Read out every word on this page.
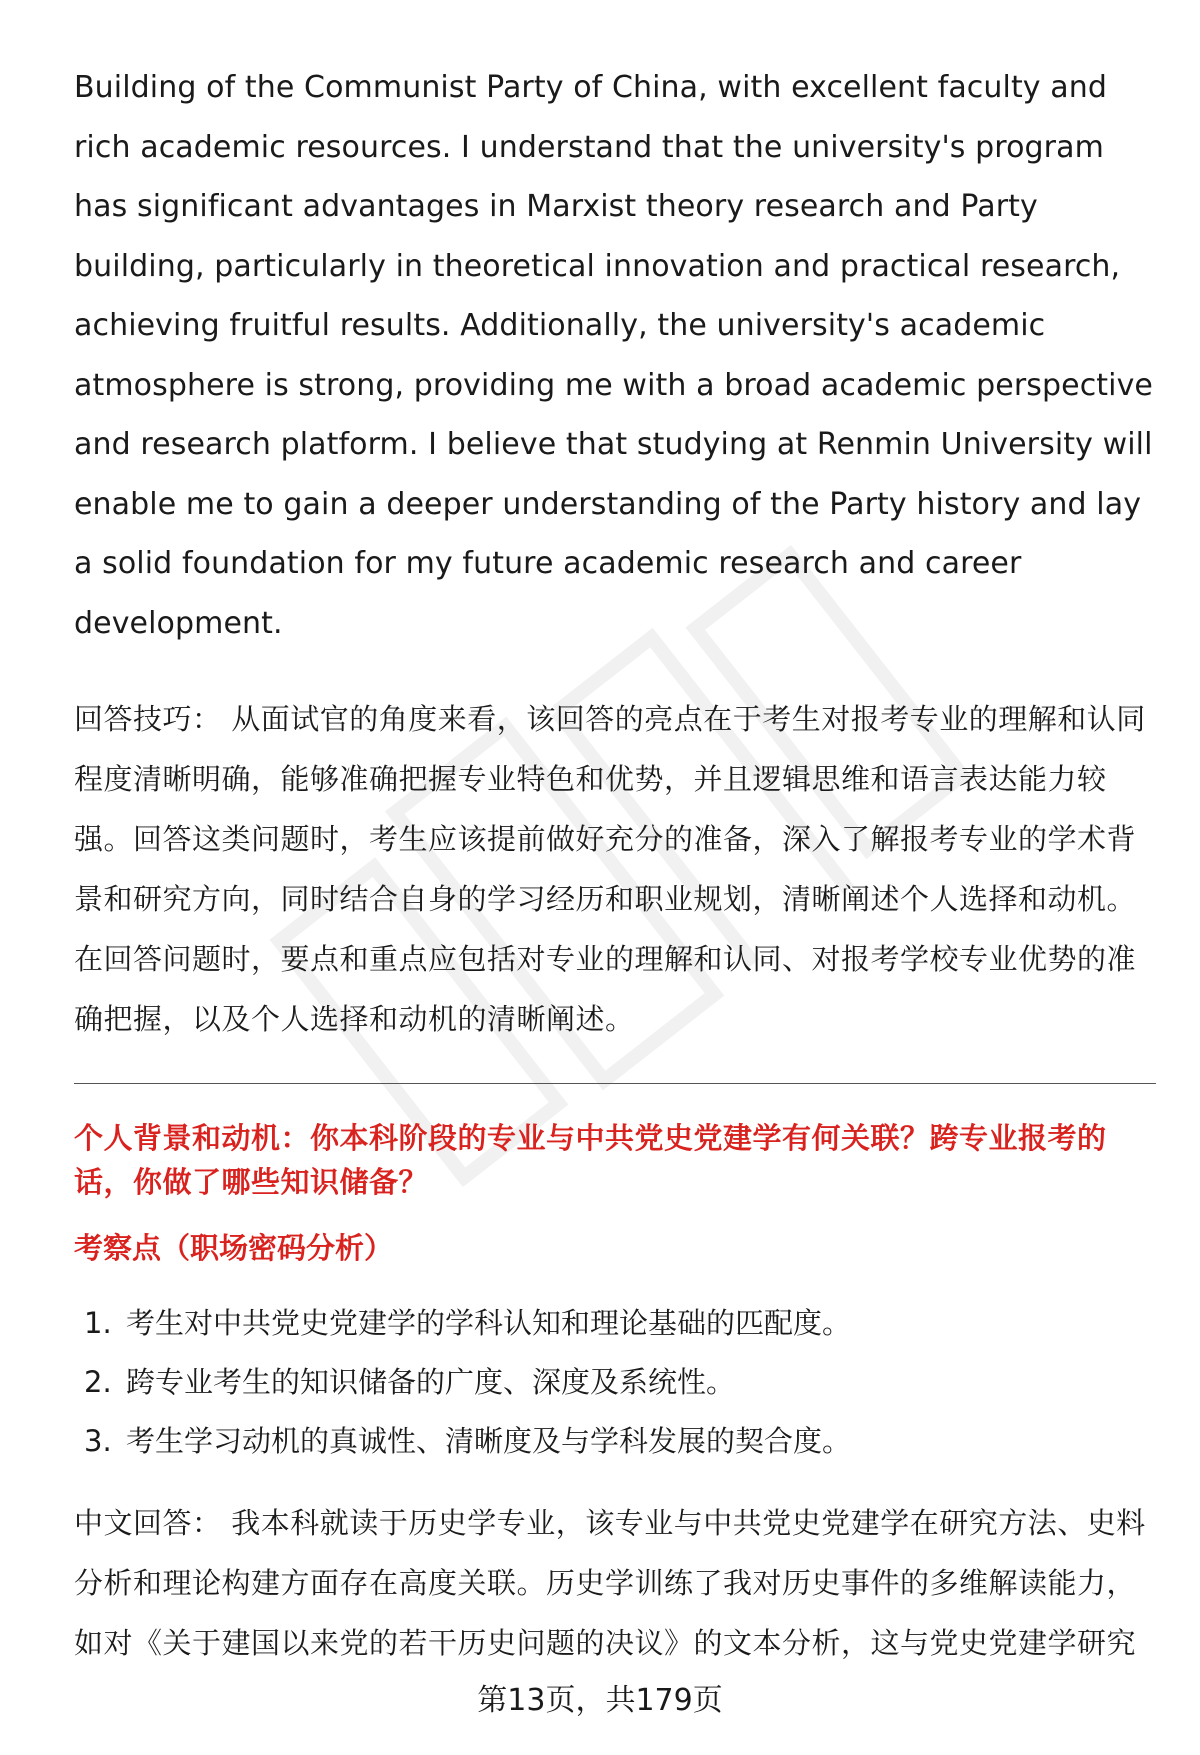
Building of the Communist Party of China, with excellent faculty and rich academic resources. I understand that the university's program has significant advantages in Marxist theory research and Party building, particularly in theoretical innovation and practical research, achieving fruitful results. Additionally, the university's academic atmosphere is strong, providing me with a broad academic perspective and research platform. I believe that studying at Renmin University will enable me to gain a deeper understanding of the Party history and lay a solid foundation for my future academic research and career development.

回答技巧： 从面试官的角度来看，该回答的亮点在于考生对报考专业的理解和认同程度清晰明确，能够准确把握专业特色和优势，并且逻辑思维和语言表达能力较强。回答这类问题时，考生应该提前做好充分的准备，深入了解报考专业的学术背景和研究方向，同时结合自身的学习经历和职业规划，清晰阐述个人选择和动机。在回答问题时，要点和重点应包括对专业的理解和认同、对报考学校专业优势的准确把握，以及个人选择和动机的清晰阐述。

个人背景和动机：你本科阶段的专业与中共党史党建学有何关联？跨专业报考的话，你做了哪些知识储备？

考察点（职场密码分析）

1. 考生对中共党史党建学的学科认知和理论基础的匹配度。
2. 跨专业考生的知识储备的广度、深度及系统性。
3. 考生学习动机的真诚性、清晰度及与学科发展的契合度。

中文回答： 我本科就读于历史学专业，该专业与中共党史党建学在研究方法、史料分析和理论构建方面存在高度关联。历史学训练了我对历史事件的多维解读能力，如对《关于建国以来党的若干历史问题的决议》的文本分析，这与党史党建学研究

第13页，共179页
